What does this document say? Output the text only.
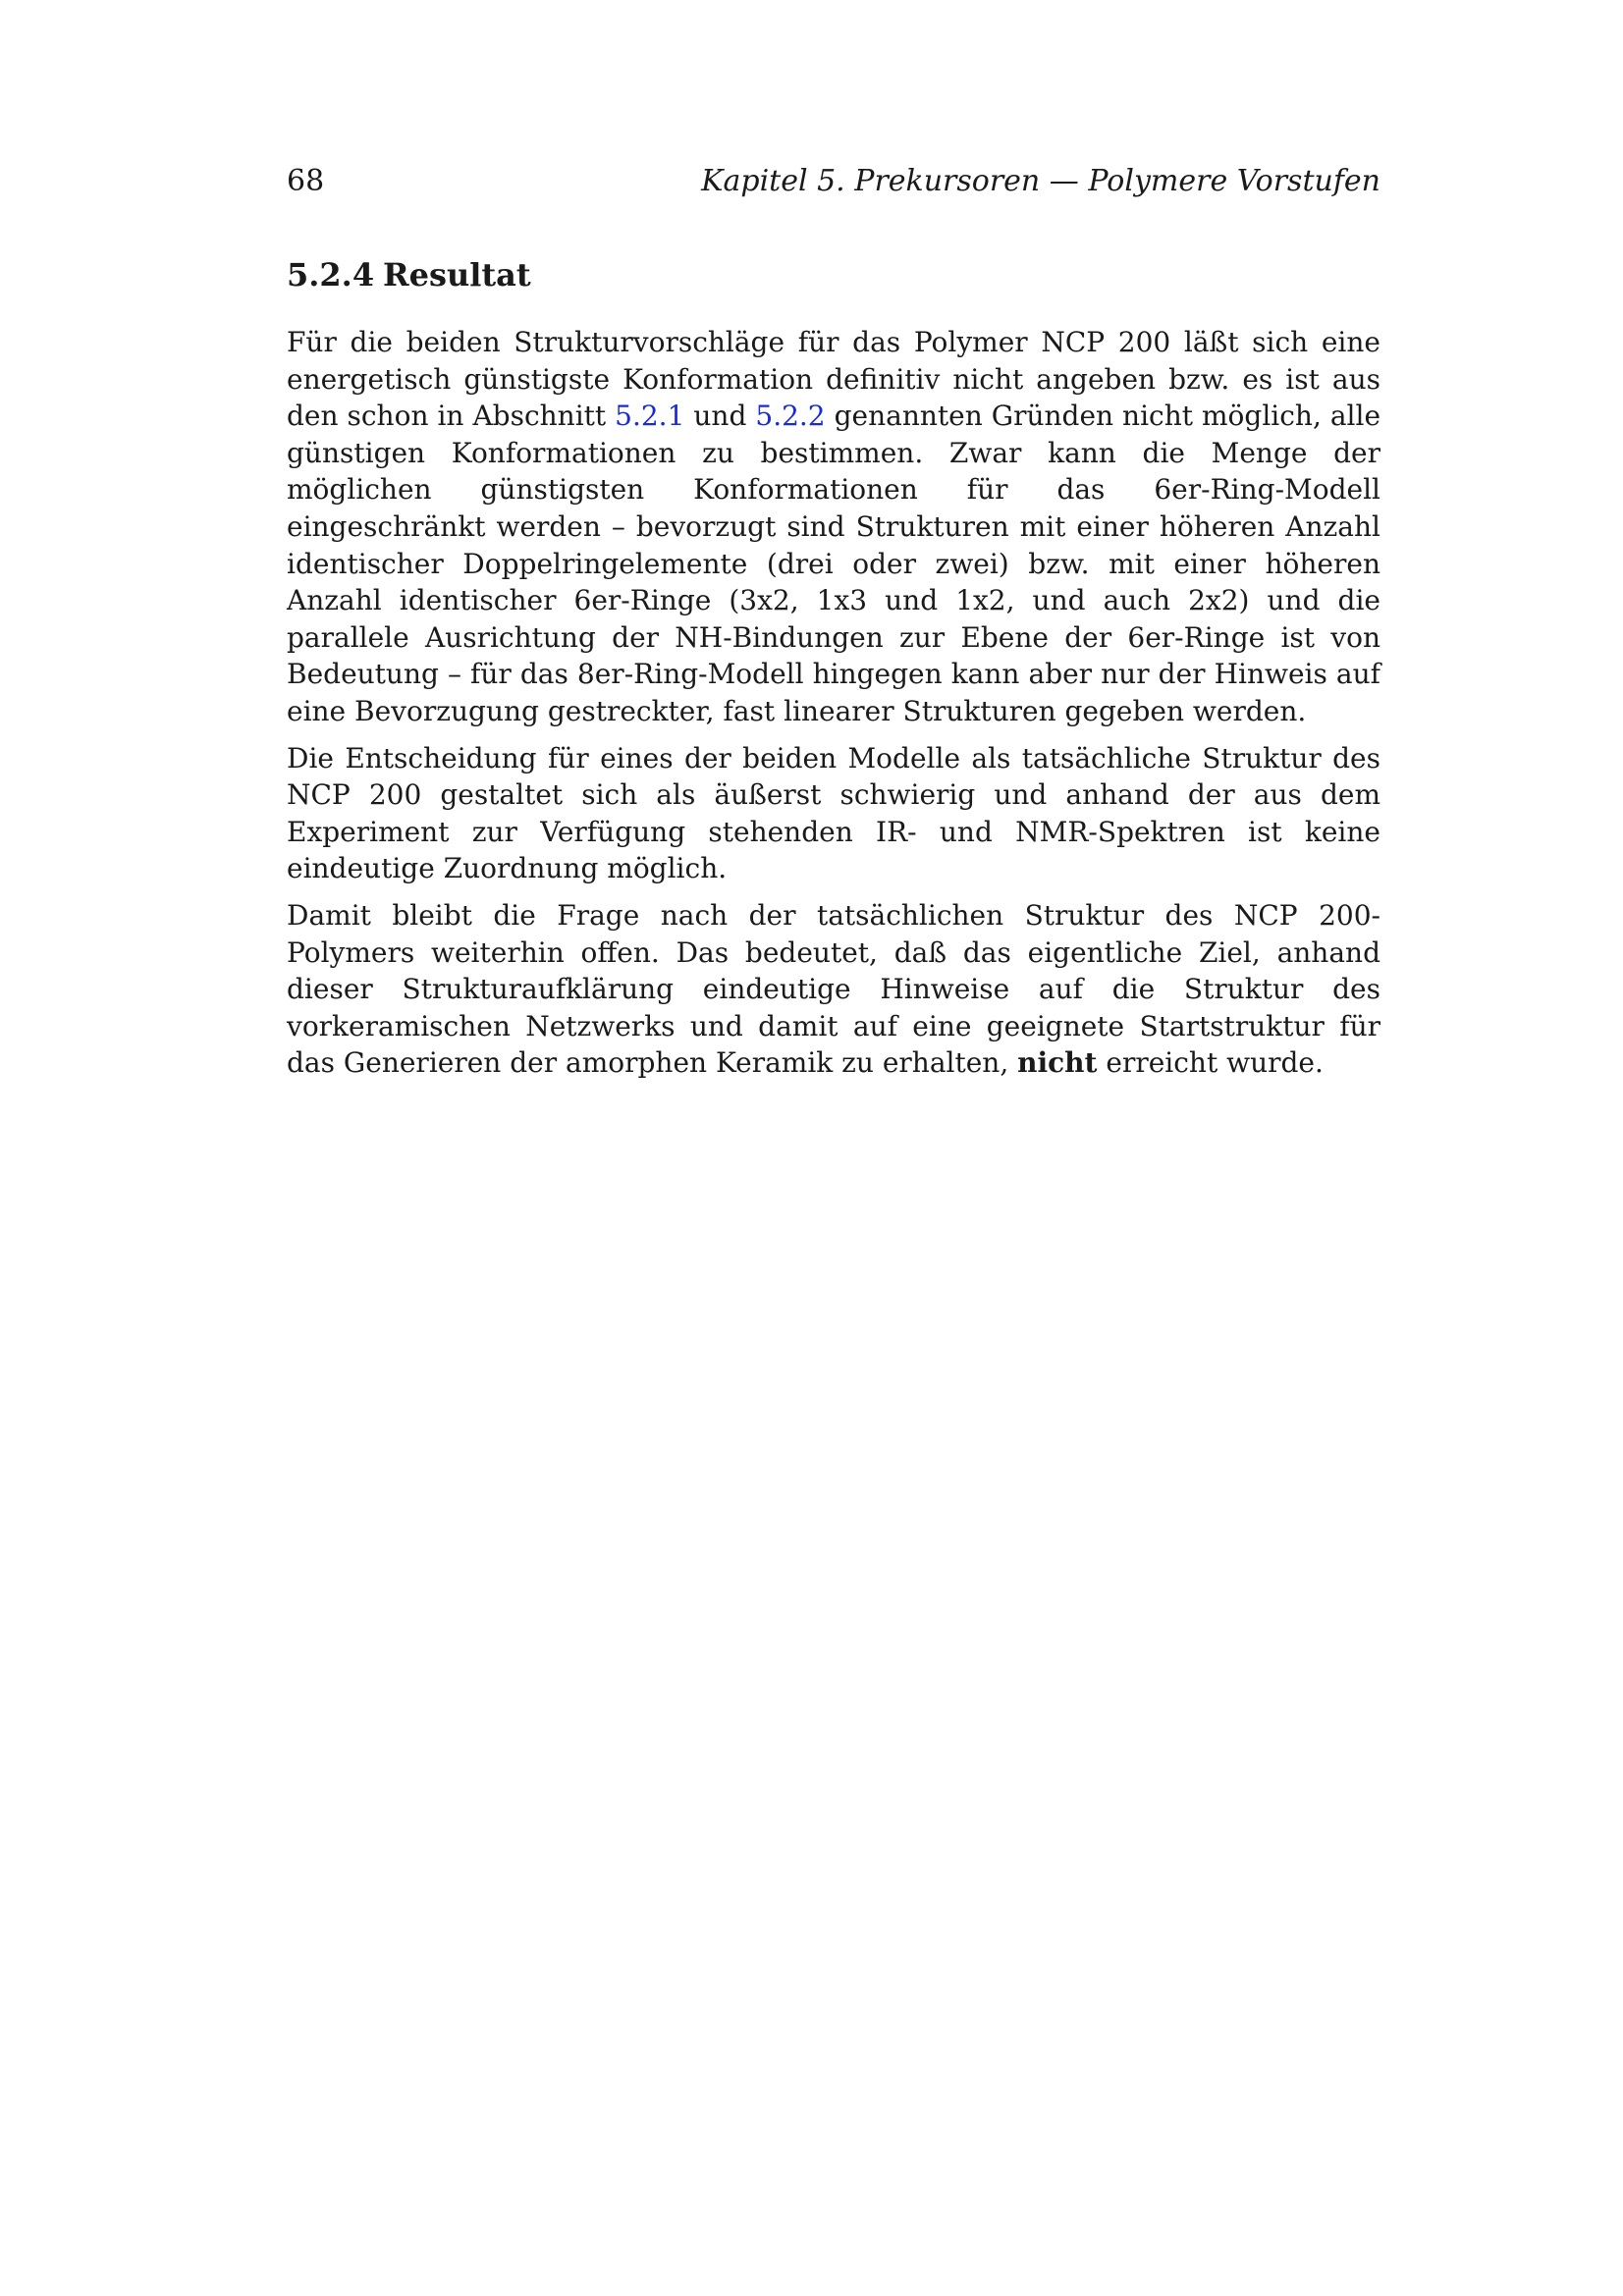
68	Kapitel 5. Prekursoren — Polymere Vorstufen
5.2.4 Resultat

Für die beiden Strukturvorschläge für das Polymer NCP 200 läßt sich eine energetisch günstigste Konformation definitiv nicht angeben bzw. es ist aus den schon in Abschnitt 5.2.1 und 5.2.2 genannten Gründen nicht möglich, alle günstigen Konformationen zu bestimmen. Zwar kann die Menge der möglichen günstigsten Konformationen für das 6er-Ring-Modell eingeschränkt werden – bevorzugt sind Strukturen mit einer höheren Anzahl identischer Doppelringelemente (drei oder zwei) bzw. mit einer höheren Anzahl identischer 6er-Ringe (3x2, 1x3 und 1x2, und auch 2x2) und die parallele Ausrichtung der NH-Bindungen zur Ebene der 6er-Ringe ist von Bedeutung – für das 8er-Ring-Modell hingegen kann aber nur der Hinweis auf eine Bevorzugung gestreckter, fast linearer Strukturen gegeben werden.

Die Entscheidung für eines der beiden Modelle als tatsächliche Struktur des NCP 200 gestaltet sich als äußerst schwierig und anhand der aus dem Experiment zur Verfügung stehenden IR- und NMR-Spektren ist keine eindeutige Zuordnung möglich.

Damit bleibt die Frage nach der tatsächlichen Struktur des NCP 200-Polymers weiterhin offen. Das bedeutet, daß das eigentliche Ziel, anhand dieser Strukturaufklärung eindeutige Hinweise auf die Struktur des vorkeramischen Netzwerks und damit auf eine geeignete Startstruktur für das Generieren der amorphen Keramik zu erhalten, nicht erreicht wurde.
